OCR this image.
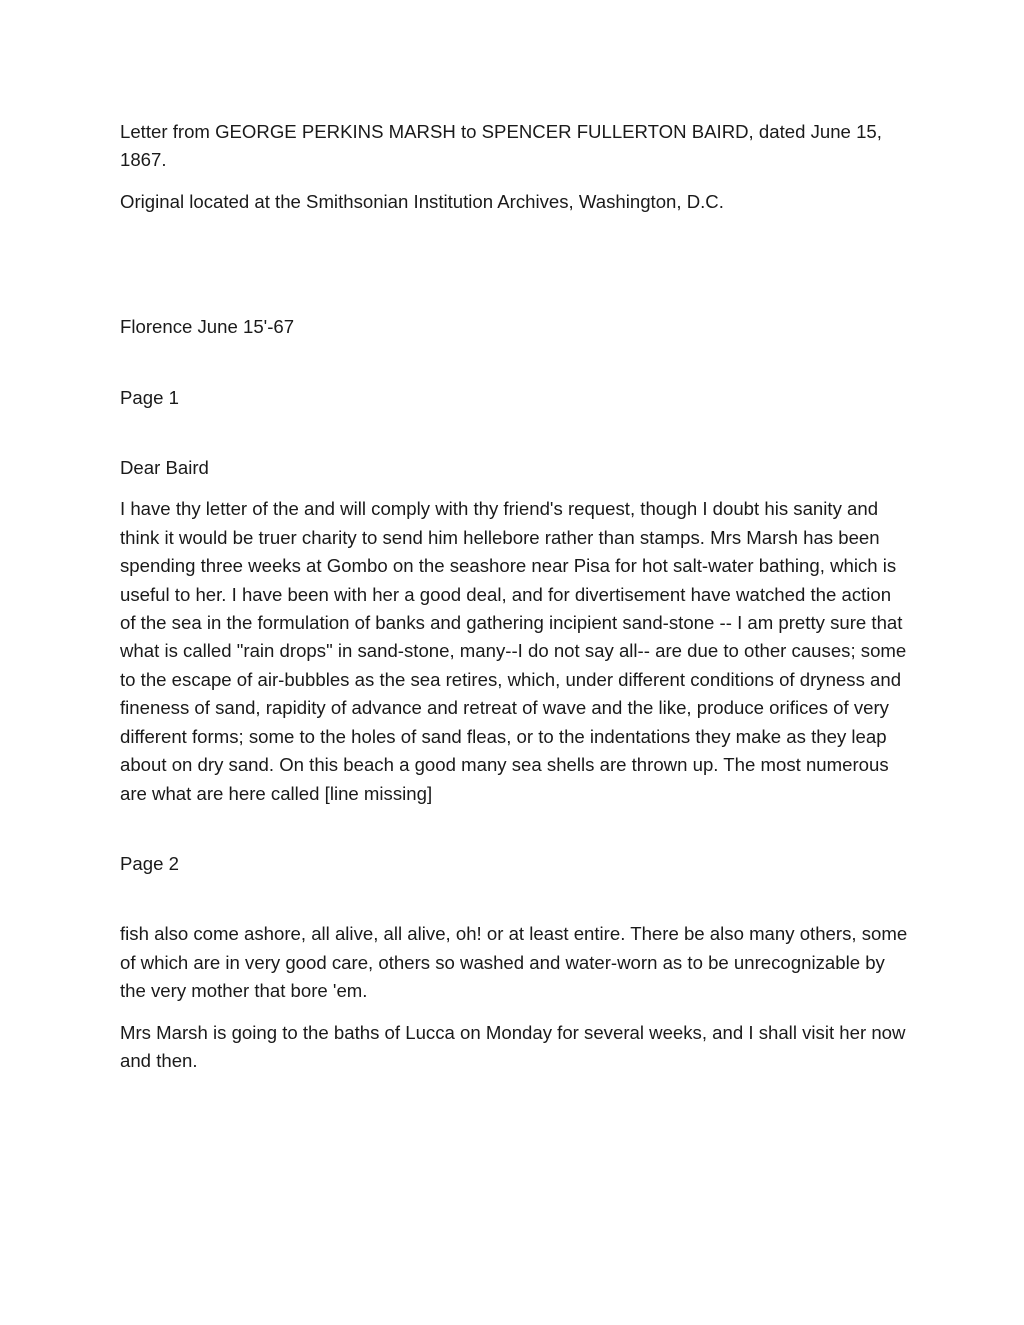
Letter from GEORGE PERKINS MARSH to SPENCER FULLERTON BAIRD, dated June 15, 1867.

Original located at the Smithsonian Institution Archives, Washington, D.C.

Florence June 15'-67

Page 1

Dear Baird

I have thy letter of the and will comply with thy friend's request, though I doubt his sanity and think it would be truer charity to send him hellebore rather than stamps. Mrs Marsh has been spending three weeks at Gombo on the seashore near Pisa for hot salt-water bathing, which is useful to her. I have been with her a good deal, and for divertisement have watched the action of the sea in the formulation of banks and gathering incipient sand-stone -- I am pretty sure that what is called "rain drops" in sand-stone, many--I do not say all-- are due to other causes; some to the escape of air-bubbles as the sea retires, which, under different conditions of dryness and fineness of sand, rapidity of advance and retreat of wave and the like, produce orifices of very different forms; some to the holes of sand fleas, or to the indentations they make as they leap about on dry sand. On this beach a good many sea shells are thrown up. The most numerous are what are here called [line missing]

Page 2

fish also come ashore, all alive, all alive, oh! or at least entire. There be also many others, some of which are in very good care, others so washed and water-worn as to be unrecognizable by the very mother that bore 'em.

Mrs Marsh is going to the baths of Lucca on Monday for several weeks, and I shall visit her now and then.
